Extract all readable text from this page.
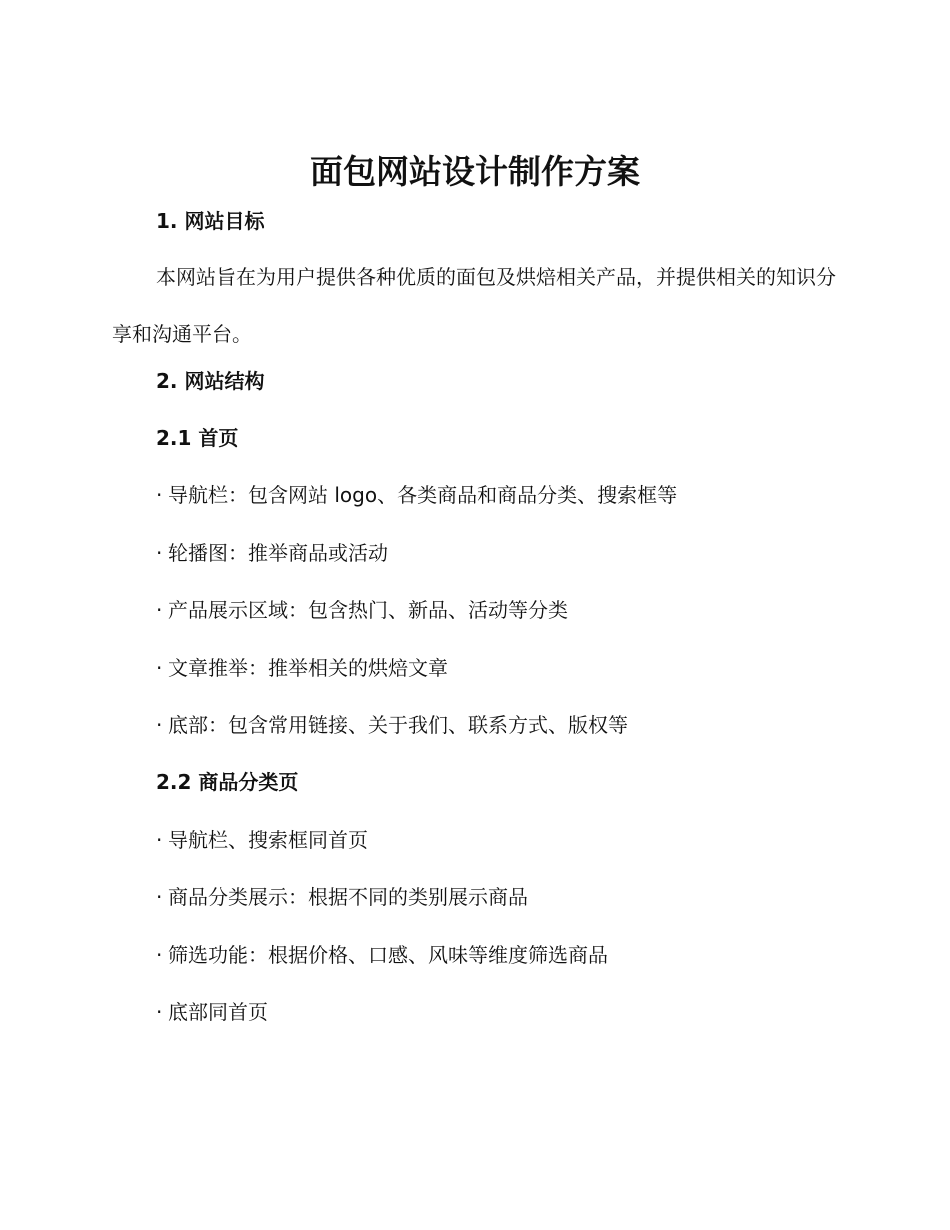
面包网站设计制作方案
1. 网站目标

本网站旨在为用户提供各种优质的面包及烘焙相关产品，并提供相关的知识分享和沟通平台。

2. 网站结构
2.1 首页
· 导航栏：包含网站 logo、各类商品和商品分类、搜索框等
· 轮播图：推举商品或活动
· 产品展示区域：包含热门、新品、活动等分类
· 文章推举：推举相关的烘焙文章
· 底部：包含常用链接、关于我们、联系方式、版权等
2.2 商品分类页
· 导航栏、搜索框同首页
· 商品分类展示：根据不同的类别展示商品
· 筛选功能：根据价格、口感、风味等维度筛选商品
· 底部同首页
